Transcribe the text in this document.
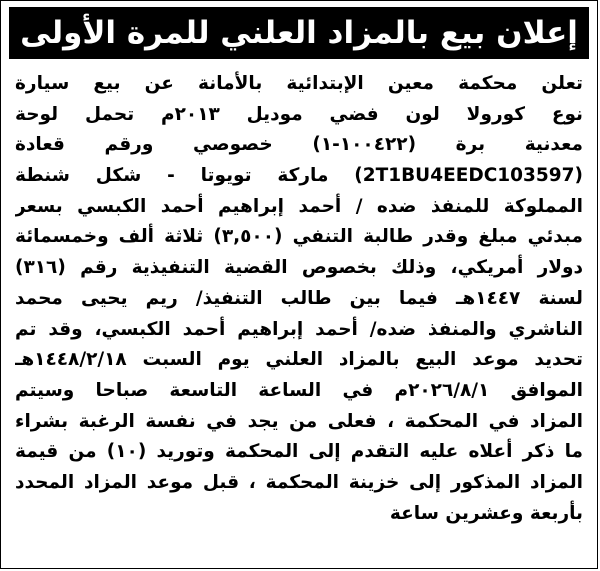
إعلان بيع بالمزاد العلني للمرة الأولى
تعلن محكمة معين الإبتدائية بالأمانة عن بيع سيارة
نوع كورولا لون فضي موديل ٢٠١٣م تحمل لوحة
معدنية برة (١٠٠٤٢٢-١) خصوصي ورقم قعادة
(2T1BU4EEDC103597) ماركة تويوتا - شكل شنطة
المملوكة للمنفذ ضده / أحمد إبراهيم أحمد الكبسي بسعر
مبدئي مبلغ وقدر طالبة التنفي (٣,٥٠٠) ثلاثة ألف وخمسمائة
دولار أمريكي، وذلك بخصوص القضية التنفيذية رقم (٣١٦)
لسنة ١٤٤٧هـ فيما بين طالب التنفيذ/ ريم يحيى محمد
الناشري والمنفذ ضده/ أحمد إبراهيم أحمد الكبسي، وقد تم
تحديد موعد البيع بالمزاد العلني يوم السبت ١٤٤٨/٢/١٨هـ
الموافق ٢٠٢٦/٨/١م في الساعة التاسعة صباحا وسيتم
المزاد في المحكمة ، فعلى من يجد في نفسة الرغبة بشراء
ما ذكر أعلاه عليه التقدم إلى المحكمة وتوريد (١٠) من قيمة
المزاد المذكور إلى خزينة المحكمة ، قبل موعد المزاد المحدد
بأربعة وعشرين ساعة
